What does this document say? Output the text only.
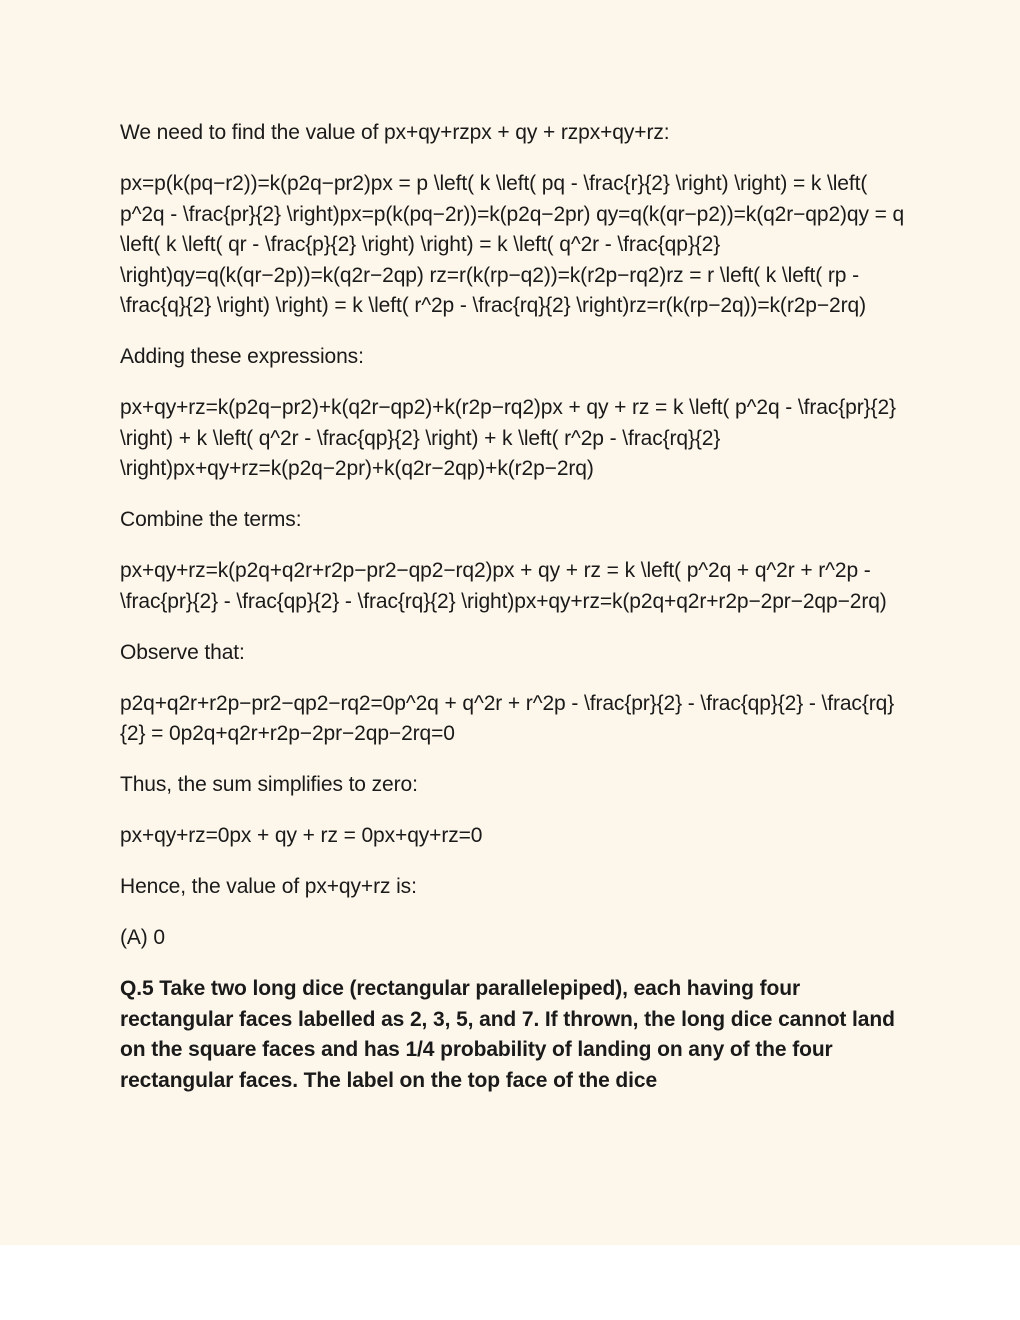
We need to find the value of px+qy+rzpx + qy + rzpx+qy+rz:

px=p(k(pq−r2))=k(p2q−pr2)px = p \left( k \left( pq - \frac{r}{2} \right) \right) = k \left( p^2q - \frac{pr}{2} \right)px=p(k(pq−2r))=k(p2q−2pr) qy=q(k(qr−p2))=k(q2r−qp2)qy = q \left( k \left( qr - \frac{p}{2} \right) \right) = k \left( q^2r - \frac{qp}{2} \right)qy=q(k(qr−2p))=k(q2r−2qp) rz=r(k(rp−q2))=k(r2p−rq2)rz = r \left( k \left( rp - \frac{q}{2} \right) \right) = k \left( r^2p - \frac{rq}{2} \right)rz=r(k(rp−2q))=k(r2p−2rq)

Adding these expressions:

px+qy+rz=k(p2q−pr2)+k(q2r−qp2)+k(r2p−rq2)px + qy + rz = k \left( p^2q - \frac{pr}{2} \right) + k \left( q^2r - \frac{qp}{2} \right) + k \left( r^2p - \frac{rq}{2} \right)px+qy+rz=k(p2q−2pr)+k(q2r−2qp)+k(r2p−2rq)

Combine the terms:

px+qy+rz=k(p2q+q2r+r2p−pr2−qp2−rq2)px + qy + rz = k \left( p^2q + q^2r + r^2p - \frac{pr}{2} - \frac{qp}{2} - \frac{rq}{2} \right)px+qy+rz=k(p2q+q2r+r2p−2pr−2qp−2rq)

Observe that:

p2q+q2r+r2p−pr2−qp2−rq2=0p^2q + q^2r + r^2p - \frac{pr}{2} - \frac{qp}{2} - \frac{rq}{2} = 0p2q+q2r+r2p−2pr−2qp−2rq=0

Thus, the sum simplifies to zero:

px+qy+rz=0px + qy + rz = 0px+qy+rz=0

Hence, the value of px+qy+rz is:

(A) 0

Q.5 Take two long dice (rectangular parallelepiped), each having four rectangular faces labelled as 2, 3, 5, and 7. If thrown, the long dice cannot land on the square faces and has 1/4 probability of landing on any of the four rectangular faces. The label on the top face of the dice
